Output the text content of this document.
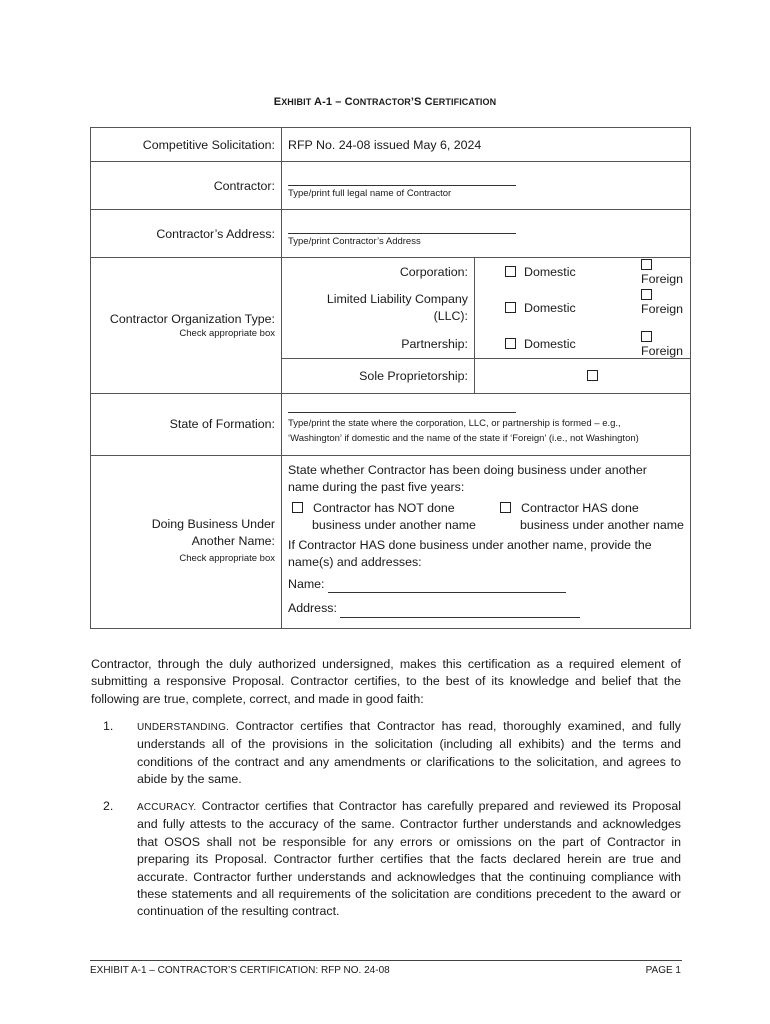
EXHIBIT A-1 – CONTRACTOR’S CERTIFICATION
Competitive Solicitation:	RFP No. 24-08 issued May 6, 2024
Contractor:	
Type/print full legal name of Contractor

Contractor’s Address:	
Type/print Contractor’s Address

Contractor Organization Type:
Check appropriate box

Corporation:	Domestic	Foreign
Limited Liability Company
(LLC):	Domestic	Foreign
Partnership:	Domestic	Foreign
Sole Proprietorship:	

State of Formation:	Type/print the state where the corporation, LLC, or partnership is formed – e.g.,
‘Washington’ if domestic and the name of the state if ‘Foreign’ (i.e., not Washington)

Doing Business Under
Another Name:
Check appropriate box

State whether Contractor has been doing business under another
name during the past five years:
Contractor has NOT done
business under another name
Contractor HAS done
business under another name
If Contractor HAS done business under another name, provide the
name(s) and addresses:
Name:
Address:
Contractor, through the duly authorized undersigned, makes this certification as a required element of submitting a responsive Proposal. Contractor certifies, to the best of its knowledge and belief that the following are true, complete, correct, and made in good faith:
1. UNDERSTANDING. Contractor certifies that Contractor has read, thoroughly examined, and fully understands all of the provisions in the solicitation (including all exhibits) and the terms and conditions of the contract and any amendments or clarifications to the solicitation, and agrees to abide by the same.
2. ACCURACY. Contractor certifies that Contractor has carefully prepared and reviewed its Proposal and fully attests to the accuracy of the same. Contractor further understands and acknowledges that OSOS shall not be responsible for any errors or omissions on the part of Contractor in preparing its Proposal. Contractor further certifies that the facts declared herein are true and accurate. Contractor further understands and acknowledges that the continuing compliance with these statements and all requirements of the solicitation are conditions precedent to the award or continuation of the resulting contract.
EXHIBIT A-1 – CONTRACTOR’S CERTIFICATION: RFP NO. 24-08	PAGE 1
